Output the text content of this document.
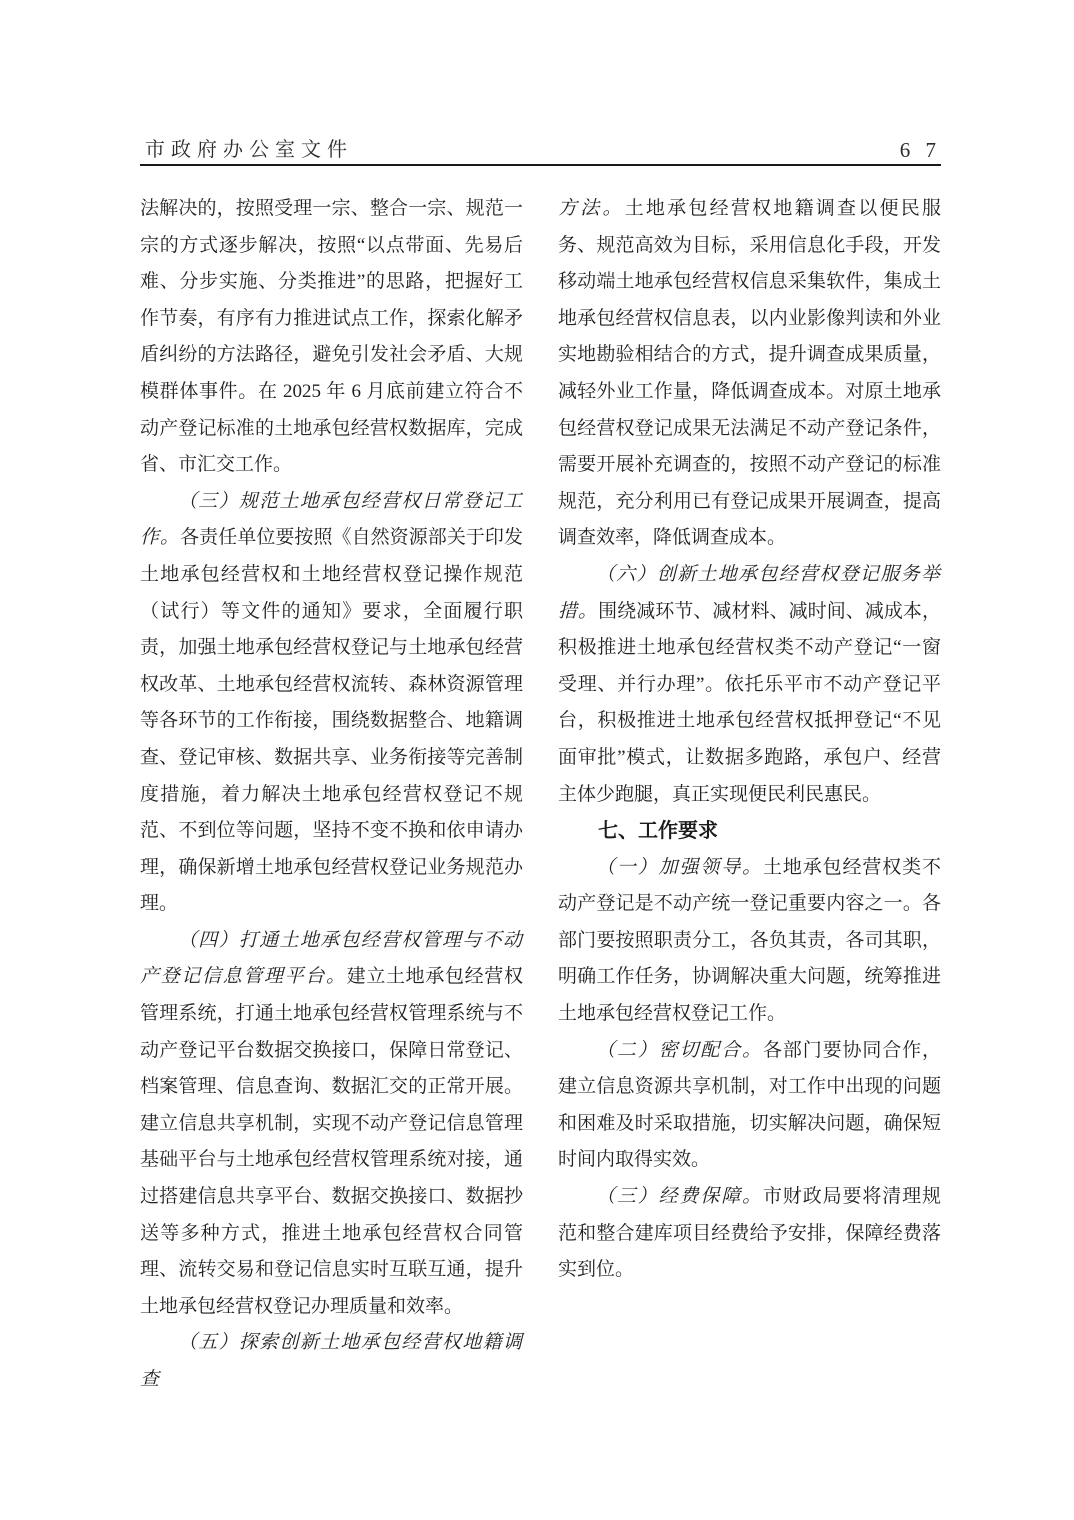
市政府办公室文件	6 7

法解决的，按照受理一宗、整合一宗、规范一宗的方式逐步解决，按照“以点带面、先易后难、分步实施、分类推进”的思路，把握好工作节奏，有序有力推进试点工作，探索化解矛盾纠纷的方法路径，避免引发社会矛盾、大规模群体事件。在 2025 年 6 月底前建立符合不动产登记标准的土地承包经营权数据库，完成省、市汇交工作。

（三）规范土地承包经营权日常登记工作。各责任单位要按照《自然资源部关于印发土地承包经营权和土地经营权登记操作规范（试行）等文件的通知》要求，全面履行职责，加强土地承包经营权登记与土地承包经营权改革、土地承包经营权流转、森林资源管理等各环节的工作衔接，围绕数据整合、地籍调查、登记审核、数据共享、业务衔接等完善制度措施，着力解决土地承包经营权登记不规范、不到位等问题，坚持不变不换和依申请办理，确保新增土地承包经营权登记业务规范办理。

（四）打通土地承包经营权管理与不动产登记信息管理平台。建立土地承包经营权管理系统，打通土地承包经营权管理系统与不动产登记平台数据交换接口，保障日常登记、档案管理、信息查询、数据汇交的正常开展。建立信息共享机制，实现不动产登记信息管理基础平台与土地承包经营权管理系统对接，通过搭建信息共享平台、数据交换接口、数据抄送等多种方式，推进土地承包经营权合同管理、流转交易和登记信息实时互联互通，提升土地承包经营权登记办理质量和效率。

（五）探索创新土地承包经营权地籍调查

方法。土地承包经营权地籍调查以便民服务、规范高效为目标，采用信息化手段，开发移动端土地承包经营权信息采集软件，集成土地承包经营权信息表，以内业影像判读和外业实地勘验相结合的方式，提升调查成果质量，减轻外业工作量，降低调查成本。对原土地承包经营权登记成果无法满足不动产登记条件，需要开展补充调查的，按照不动产登记的标准规范，充分利用已有登记成果开展调查，提高调查效率，降低调查成本。

（六）创新土地承包经营权登记服务举措。围绕减环节、减材料、减时间、减成本，积极推进土地承包经营权类不动产登记“一窗受理、并行办理”。依托乐平市不动产登记平台，积极推进土地承包经营权抵押登记“不见面审批”模式，让数据多跑路，承包户、经营主体少跑腿，真正实现便民利民惠民。

七、工作要求

（一）加强领导。土地承包经营权类不动产登记是不动产统一登记重要内容之一。各部门要按照职责分工，各负其责，各司其职，明确工作任务，协调解决重大问题，统筹推进土地承包经营权登记工作。

（二）密切配合。各部门要协同合作，建立信息资源共享机制，对工作中出现的问题和困难及时采取措施，切实解决问题，确保短时间内取得实效。

（三）经费保障。市财政局要将清理规范和整合建库项目经费给予安排，保障经费落实到位。
